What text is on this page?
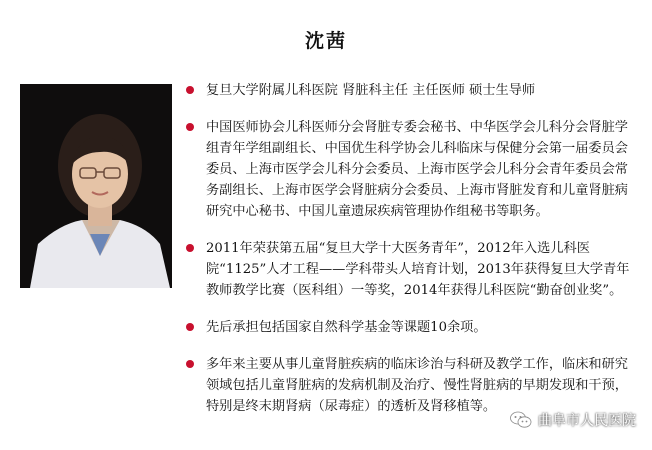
沈茜
复旦大学附属儿科医院 肾脏科主任 主任医师 硕士生导师
中国医师协会儿科医师分会肾脏专委会秘书、中华医学会儿科分会肾脏学组青年学组副组长、中国优生科学协会儿科临床与保健分会第一届委员会委员、上海市医学会儿科分会委员、上海市医学会儿科分会青年委员会常务副组长、上海市医学会肾脏病分会委员、上海市肾脏发育和儿童肾脏病研究中心秘书、中国儿童遗尿疾病管理协作组秘书等职务。
2011年荣获第五届“复旦大学十大医务青年”，2012年入选儿科医院“1125”人才工程——学科带头人培育计划，2013年获得复旦大学青年教师教学比赛（医科组）一等奖，2014年获得儿科医院“勤奋创业奖”。
先后承担包括国家自然科学基金等课题10余项。
多年来主要从事儿童肾脏疾病的临床诊治与科研及教学工作，临床和研究领域包括儿童肾脏病的发病机制及治疗、慢性肾脏病的早期发现和干预，特别是终末期肾病（尿毒症）的透析及肾移植等。
曲阜市人民医院
